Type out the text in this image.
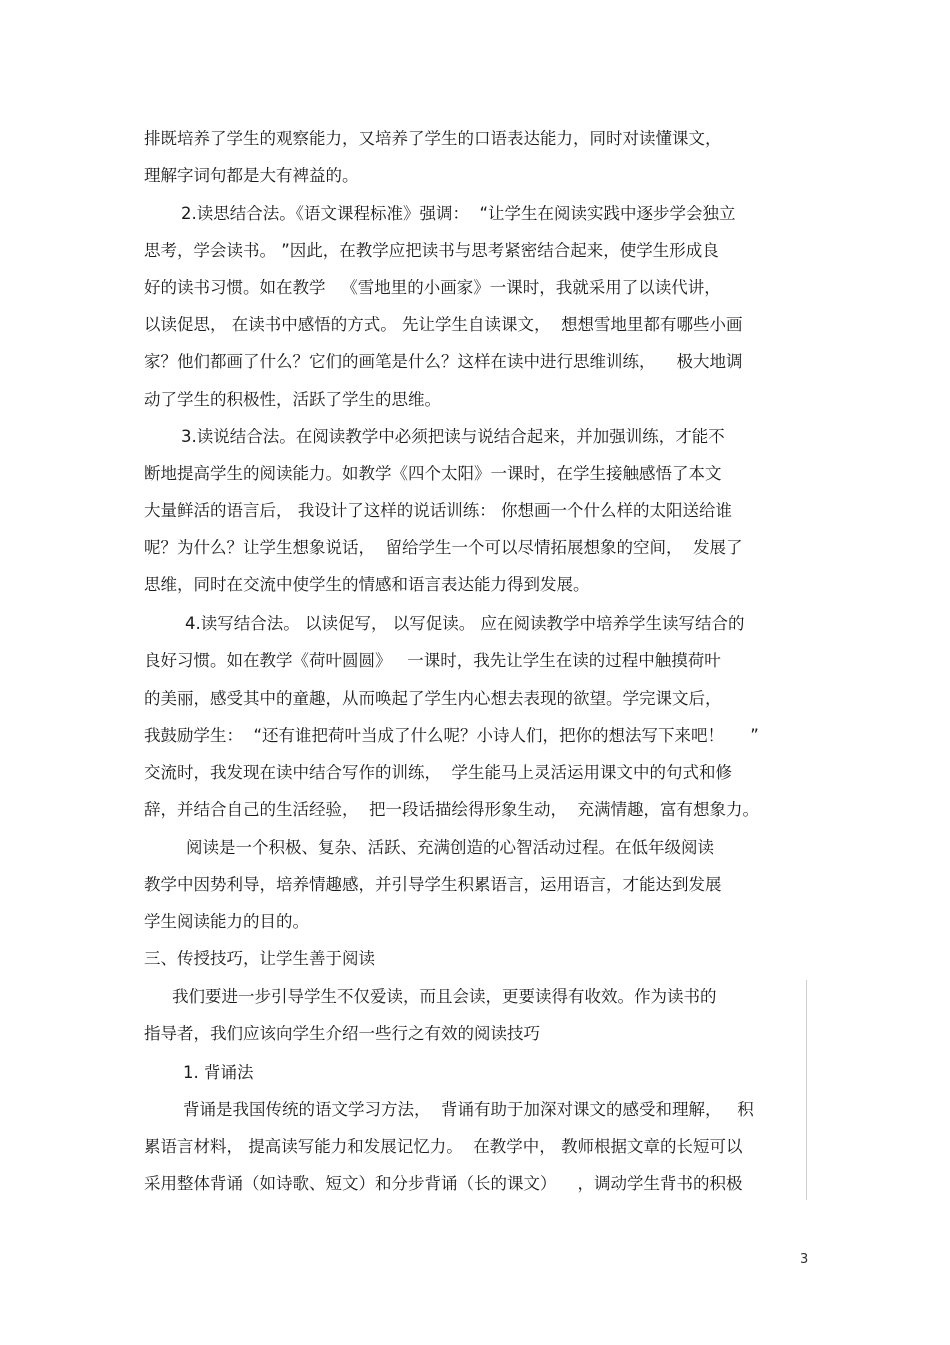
排既培养了学生的观察能力，又培养了学生的口语表达能力，同时对读懂课文，
理解字词句都是大有裨益的。
2.读思结合法。《语文课程标准》强调：  “让学生在阅读实践中逐步学会独立
思考，学会读书。 ”因此，在教学应把读书与思考紧密结合起来，使学生形成良
好的读书习惯。如在教学   《雪地里的小画家》一课时，我就采用了以读代讲，
以读促思， 在读书中感悟的方式。 先让学生自读课文，  想想雪地里都有哪些小画
家？他们都画了什么？它们的画笔是什么？这样在读中进行思维训练，    极大地调
动了学生的积极性，活跃了学生的思维。
3.读说结合法。在阅读教学中必须把读与说结合起来，并加强训练，才能不
断地提高学生的阅读能力。如教学《四个太阳》一课时，在学生接触感悟了本文
大量鲜活的语言后， 我设计了这样的说话训练： 你想画一个什么样的太阳送给谁
呢？为什么？让学生想象说话，  留给学生一个可以尽情拓展想象的空间，  发展了
思维，同时在交流中使学生的情感和语言表达能力得到发展。
4.读写结合法。 以读促写， 以写促读。 应在阅读教学中培养学生读写结合的
良好习惯。如在教学《荷叶圆圆》   一课时，我先让学生在读的过程中触摸荷叶
的美丽，感受其中的童趣，从而唤起了学生内心想去表现的欲望。学完课文后，
我鼓励学生：  “还有谁把荷叶当成了什么呢？小诗人们，把你的想法写下来吧！     ”
交流时，我发现在读中结合写作的训练，  学生能马上灵活运用课文中的句式和修
辞，并结合自己的生活经验，  把一段话描绘得形象生动，  充满情趣，富有想象力。
阅读是一个积极、复杂、活跃、充满创造的心智活动过程。在低年级阅读
教学中因势利导，培养情趣感，并引导学生积累语言，运用语言，才能达到发展
学生阅读能力的目的。
三、传授技巧，让学生善于阅读
我们要进一步引导学生不仅爱读，而且会读，更要读得有收效。作为读书的
指导者，我们应该向学生介绍一些行之有效的阅读技巧
1. 背诵法
背诵是我国传统的语文学习方法，  背诵有助于加深对课文的感受和理解，   积
累语言材料， 提高读写能力和发展记忆力。  在教学中， 教师根据文章的长短可以
采用整体背诵（如诗歌、短文）和分步背诵（长的课文）    ，调动学生背书的积极
3
